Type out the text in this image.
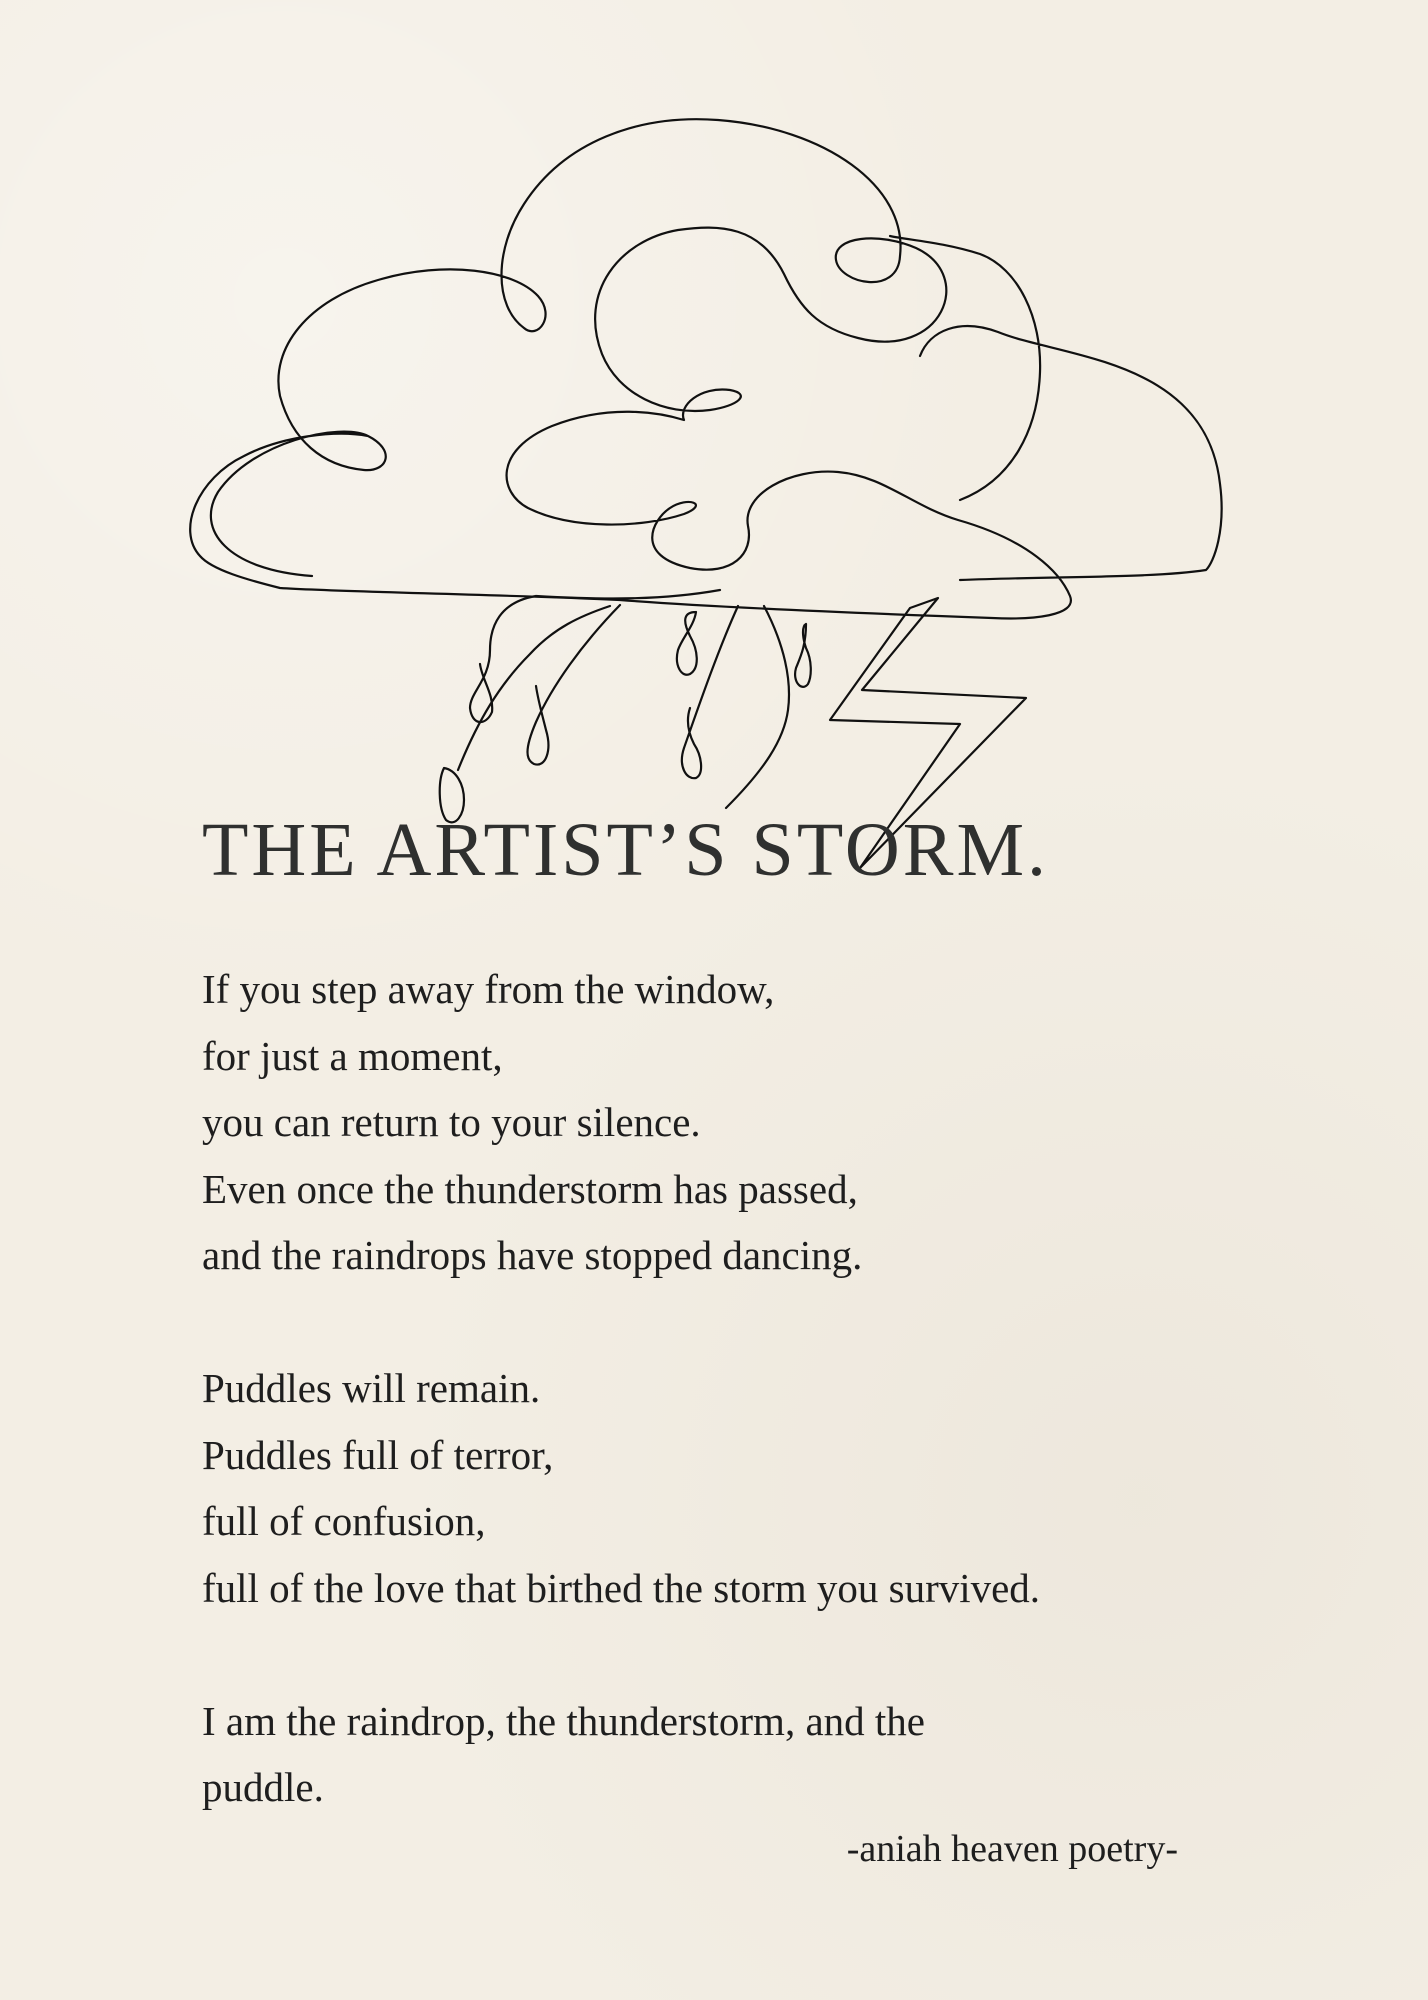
THE ARTIST’S STORM.
If you step away from the window,
for just a moment,
you can return to your silence.
Even once the thunderstorm has passed,
and the raindrops have stopped dancing.
Puddles will remain.
Puddles full of terror,
full of confusion,
full of the love that birthed the storm you survived.
I am the raindrop, the thunderstorm, and the
puddle.
-aniah heaven poetry-
